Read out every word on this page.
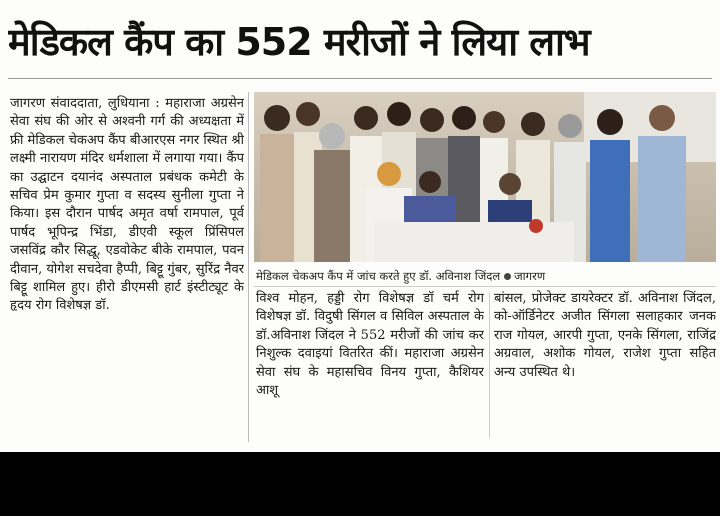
मेडिकल कैंप का 552 मरीजों ने लिया लाभ

जागरण संवाददाता, लुधियाना : महाराजा अग्रसेन सेवा संघ की ओर से अश्वनी गर्ग की अध्यक्षता में फ्री मेडिकल चेकअप कैंप बीआरएस नगर स्थित श्री लक्ष्मी नारायण मंदिर धर्मशाला में लगाया गया। कैंप का उद्घाटन दयानंद अस्पताल प्रबंधक कमेटी के सचिव प्रेम कुमार गुप्ता व सदस्य सुनीला गुप्ता ने किया। इस दौरान पार्षद अमृत वर्षा रामपाल, पूर्व पार्षद भूपिन्द्र भिंडा, डीएवी स्कूल प्रिंसिपल जसविंद्र कौर सिद्धू, एडवोकेट बीके रामपाल, पवन दीवान, योगेश सचदेवा हैप्पी, बिट्टू गुंबर, सुरिंद्र नैवर बिट्टू शामिल हुए। हीरो डीएमसी हार्ट इंस्टीट्यूट के हृदय रोग विशेषज्ञ डॉ.

मेडिकल चेकअप कैंप में जांच करते हुए डॉ. अविनाश जिंदल जागरण

विश्व मोहन, हड्डी रोग विशेषज्ञ डॉ चर्म रोग विशेषज्ञ डॉ. विदुषी सिंगल व सिविल अस्पताल के डॉ.अविनाश जिंदल ने 552 मरीजों की जांच कर निशुल्क दवाइयां वितरित कीं। महाराजा अग्रसेन सेवा संघ के महासचिव विनय गुप्ता, कैशियर आशू

बांसल, प्रोजेक्ट डायरेक्टर डॉ. अविनाश जिंदल, को-ऑर्डिनेटर अजीत सिंगला सलाहकार जनक राज गोयल, आरपी गुप्ता, एनके सिंगला, राजिंद्र अग्रवाल, अशोक गोयल, राजेश गुप्ता सहित अन्य उपस्थित थे।
